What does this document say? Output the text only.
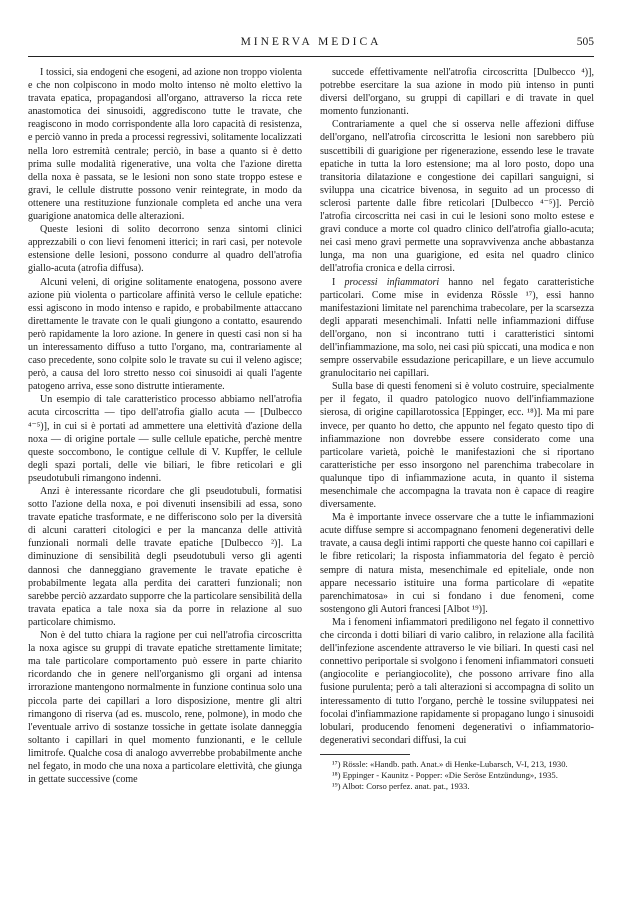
MINERVA MEDICA	505

I tossici, sia endogeni che esogeni, ad azione non troppo violenta e che non colpiscono in modo molto intenso nè molto elettivo la travata epatica, propagandosi all'organo, attraverso la ricca rete anastomotica dei sinusoidi, aggrediscono tutte le travate, che reagiscono in modo corrispondente alla loro capacità di resistenza, e perciò vanno in preda a processi regressivi, solitamente localizzati nella loro estremità centrale; perciò, in base a quanto si è detto prima sulle modalità rigenerative, una volta che l'azione diretta della noxa è passata, se le lesioni non sono state troppo estese e gravi, le cellule distrutte possono venir reintegrate, in modo da ottenere una restituzione funzionale completa ed anche una vera guarigione anatomica delle alterazioni.

Queste lesioni di solito decorrono senza sintomi clinici apprezzabili o con lievi fenomeni itterici; in rari casi, per notevole estensione delle lesioni, possono condurre al quadro dell'atrofia giallo-acuta (atrofia diffusa).

Alcuni veleni, di origine solitamente enatogena, possono avere azione più violenta o particolare affinità verso le cellule epatiche: essi agiscono in modo intenso e rapido, e probabilmente attaccano direttamente le travate con le quali giungono a contatto, esaurendo però rapidamente la loro azione. In genere in questi casi non si ha un interessamento diffuso a tutto l'organo, ma, contrariamente al caso precedente, sono colpite solo le travate su cui il veleno agisce; però, a causa del loro stretto nesso coi sinusoidi ai quali l'agente patogeno arriva, esse sono distrutte intieramente.

Un esempio di tale caratteristico processo abbiamo nell'atrofia acuta circoscritta — tipo dell'atrofia giallo acuta — [Dulbecco ⁴⁻⁵)], in cui si è portati ad ammettere una elettività d'azione della noxa — di origine portale — sulle cellule epatiche, perchè mentre queste soccombono, le contigue cellule di V. Kupffer, le cellule degli spazi portali, delle vie biliari, le fibre reticolari e gli pseudotubuli rimangono indenni.

Anzi è interessante ricordare che gli pseudotubuli, formatisi sotto l'azione della noxa, e poi divenuti insensibili ad essa, sono travate epatiche trasformate, e ne differiscono solo per la diversità di alcuni caratteri citologici e per la mancanza delle attività funzionali normali delle travate epatiche [Dulbecco ²)]. La diminuzione di sensibilità degli pseudotubuli verso gli agenti dannosi che danneggiano gravemente le travate epatiche è probabilmente legata alla perdita dei caratteri funzionali; non sarebbe perciò azzardato supporre che la particolare sensibilità della travata epatica a tale noxa sia da porre in relazione al suo particolare chimismo.

Non è del tutto chiara la ragione per cui nell'atrofia circoscritta la noxa agisce su gruppi di travate epatiche strettamente limitate; ma tale particolare comportamento può essere in parte chiarito ricordando che in genere nell'organismo gli organi ad intensa irrorazione mantengono normalmente in funzione continua solo una piccola parte dei capillari a loro disposizione, mentre gli altri rimangono di riserva (ad es. muscolo, rene, polmone), in modo che l'eventuale arrivo di sostanze tossiche in gettate isolate danneggia soltanto i capillari in quel momento funzionanti, e le cellule limitrofe. Qualche cosa di analogo avverrebbe probabilmente anche nel fegato, in modo che una noxa a particolare elettività, che giunga in gettate successive (come

succede effettivamente nell'atrofia circoscritta [Dulbecco ⁴)], potrebbe esercitare la sua azione in modo più intenso in punti diversi dell'organo, su gruppi di capillari e di travate in quel momento funzionanti.

Contrariamente a quel che si osserva nelle affezioni diffuse dell'organo, nell'atrofia circoscritta le lesioni non sarebbero più suscettibili di guarigione per rigenerazione, essendo lese le travate epatiche in tutta la loro estensione; ma al loro posto, dopo una transitoria dilatazione e congestione dei capillari sanguigni, si sviluppa una cicatrice bivenosa, in seguito ad un processo di sclerosi partente dalle fibre reticolari [Dulbecco ⁴⁻⁵)]. Perciò l'atrofia circoscritta nei casi in cui le lesioni sono molto estese e gravi conduce a morte col quadro clinico dell'atrofia giallo-acuta; nei casi meno gravi permette una sopravvivenza anche abbastanza lunga, ma non una guarigione, ed esita nel quadro clinico dell'atrofia cronica e della cirrosi.

I processi infiammatori hanno nel fegato caratteristiche particolari. Come mise in evidenza Rössle ¹⁷), essi hanno manifestazioni limitate nel parenchima trabecolare, per la scarsezza degli apparati mesenchimali. Infatti nelle infiammazioni diffuse dell'organo, non si incontrano tutti i caratteristici sintomi dell'infiammazione, ma solo, nei casi più spiccati, una modica e non sempre osservabile essudazione pericapillare, e un lieve accumulo granulocitario nei capillari.

Sulla base di questi fenomeni si è voluto costruire, specialmente per il fegato, il quadro patologico nuovo dell'infiammazione sierosa, di origine capillarotossica [Eppinger, ecc. ¹⁸)]. Ma mi pare invece, per quanto ho detto, che appunto nel fegato questo tipo di infiammazione non dovrebbe essere considerato come una particolare varietà, poichè le manifestazioni che si riportano caratteristiche per esso insorgono nel parenchima trabecolare in qualunque tipo di infiammazione acuta, in quanto il sistema mesenchimale che accompagna la travata non è capace di reagire diversamente.

Ma è importante invece osservare che a tutte le infiammazioni acute diffuse sempre si accompagnano fenomeni degenerativi delle travate, a causa degli intimi rapporti che queste hanno coi capillari e le fibre reticolari; la risposta infiammatoria del fegato è perciò sempre di natura mista, mesenchimale ed epiteliale, onde non appare necessario istituire una forma particolare di «epatite parenchimatosa» in cui si fondano i due fenomeni, come sostengono gli Autori francesi [Albot ¹⁹)].

Ma i fenomeni infiammatori prediligono nel fegato il connettivo che circonda i dotti biliari di vario calibro, in relazione alla facilità dell'infezione ascendente attraverso le vie biliari. In questi casi nel connettivo periportale si svolgono i fenomeni infiammatori consueti (angiocolite e periangiocolite), che possono arrivare fino alla fusione purulenta; però a tali alterazioni si accompagna di solito un interessamento di tutto l'organo, perchè le tossine sviluppatesi nei focolai d'infiammazione rapidamente si propagano lungo i sinusoidi lobulari, producendo fenomeni degenerativi o infiammatorio-degenerativi secondari diffusi, la cui

¹⁷) Rössle: «Handb. path. Anat.» di Henke-Lubarsch, V-I, 213, 1930.

¹⁸) Eppinger - Kaunitz - Popper: «Die Seröse Entzündung», 1935.

¹⁹) Albot: Corso perfez. anat. pat., 1933.
